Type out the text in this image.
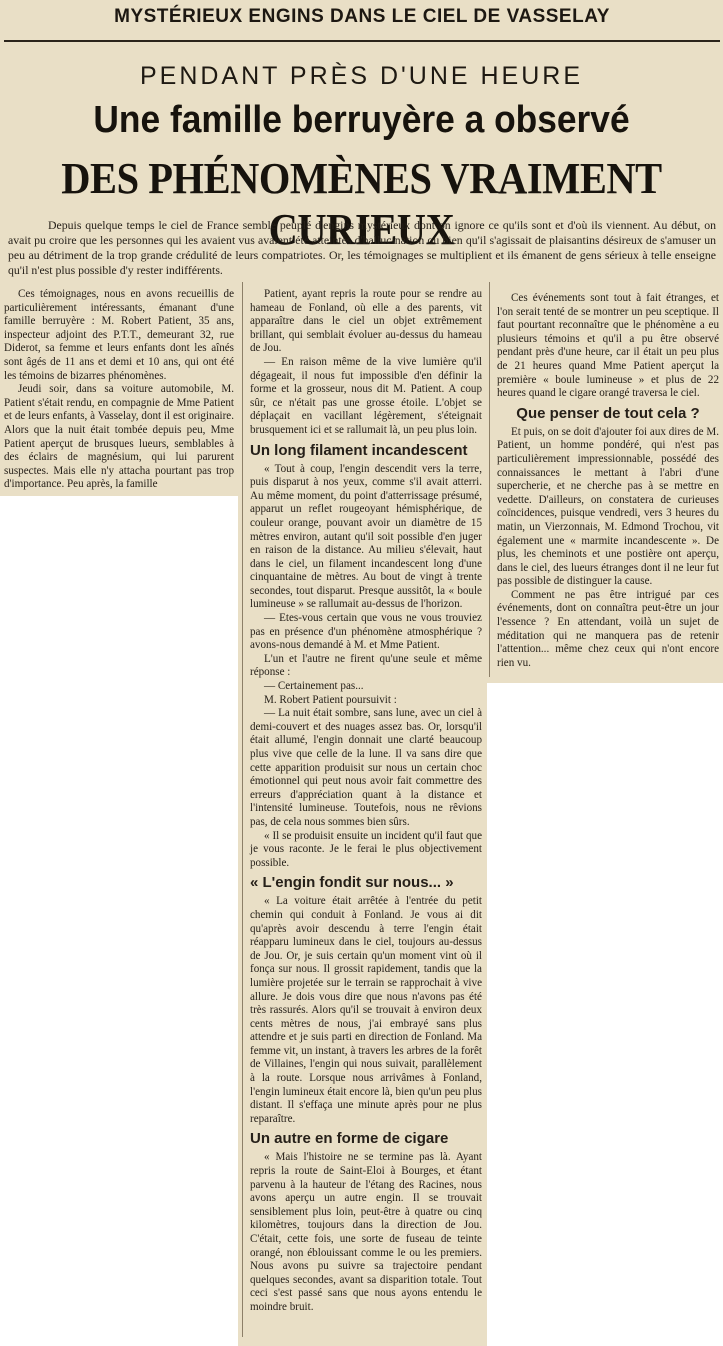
MYSTÉRIEUX ENGINS DANS LE CIEL DE VASSELAY
PENDANT PRÈS D'UNE HEURE
Une famille berruyère a observé
DES PHÉNOMÈNES VRAIMENT CURIEUX

Depuis quelque temps le ciel de France semble peuplé d'engins mystérieux dont on ignore ce qu'ils sont et d'où ils viennent. Au début, on avait pu croire que les personnes qui les avaient vus avaient été atteintes d'hallucination ou bien qu'il s'agissait de plaisantins désireux de s'amuser un peu au détriment de la trop grande crédulité de leurs compatriotes. Or, les témoignages se multiplient et ils émanent de gens sérieux à telle enseigne qu'il n'est plus possible d'y rester indifférents.

Ces témoignages, nous en avons recueillis de particulièrement intéressants, émanant d'une famille berruyère : M. Robert Patient, 35 ans, inspecteur adjoint des P.T.T., demeurant 32, rue Diderot, sa femme et leurs enfants dont les aînés sont âgés de 11 ans et demi et 10 ans, qui ont été les témoins de bizarres phénomènes.

Jeudi soir, dans sa voiture automobile, M. Patient s'était rendu, en compagnie de Mme Patient et de leurs enfants, à Vasselay, dont il est originaire. Alors que la nuit était tombée depuis peu, Mme Patient aperçut de brusques lueurs, semblables à des éclairs de magnésium, qui lui parurent suspectes. Mais elle n'y attacha pourtant pas trop d'importance. Peu après, la famille

Patient, ayant repris la route pour se rendre au hameau de Fonland, où elle a des parents, vit apparaître dans le ciel un objet extrêmement brillant, qui semblait évoluer au-dessus du hameau de Jou.

— En raison même de la vive lumière qu'il dégageait, il nous fut impossible d'en définir la forme et la grosseur, nous dit M. Patient. A coup sûr, ce n'était pas une grosse étoile. L'objet se déplaçait en vacillant légèrement, s'éteignait brusquement ici et se rallumait là, un peu plus loin.

Un long filament incandescent

« Tout à coup, l'engin descendit vers la terre, puis disparut à nos yeux, comme s'il avait atterri. Au même moment, du point d'atterrissage présumé, apparut un reflet rougeoyant hémisphérique, de couleur orange, pouvant avoir un diamètre de 15 mètres environ, autant qu'il soit possible d'en juger en raison de la distance. Au milieu s'élevait, haut dans le ciel, un filament incandescent long d'une cinquantaine de mètres. Au bout de vingt à trente secondes, tout disparut. Presque aussitôt, la « boule lumineuse » se rallumait au-dessus de l'horizon.

— Etes-vous certain que vous ne vous trouviez pas en présence d'un phénomène atmosphérique ? avons-nous demandé à M. et Mme Patient.

L'un et l'autre ne firent qu'une seule et même réponse :

— Certainement pas...

M. Robert Patient poursuivit :

— La nuit était sombre, sans lune, avec un ciel à demi-couvert et des nuages assez bas. Or, lorsqu'il était allumé, l'engin donnait une clarté beaucoup plus vive que celle de la lune. Il va sans dire que cette apparition produisit sur nous un certain choc émotionnel qui peut nous avoir fait commettre des erreurs d'appréciation quant à la distance et l'intensité lumineuse. Toutefois, nous ne rêvions pas, de cela nous sommes bien sûrs.

« Il se produisit ensuite un incident qu'il faut que je vous raconte. Je le ferai le plus objectivement possible.

« L'engin fondit sur nous... »

« La voiture était arrêtée à l'entrée du petit chemin qui conduit à Fonland. Je vous ai dit qu'après avoir descendu à terre l'engin était réapparu lumineux dans le ciel, toujours au-dessus de Jou. Or, je suis certain qu'un moment vint où il fonça sur nous. Il grossit rapidement, tandis que la lumière projetée sur le terrain se rapprochait à vive allure. Je dois vous dire que nous n'avons pas été très rassurés. Alors qu'il se trouvait à environ deux cents mètres de nous, j'ai embrayé sans plus attendre et je suis parti en direction de Fonland. Ma femme vit, un instant, à travers les arbres de la forêt de Villaines, l'engin qui nous suivait, parallèlement à la route. Lorsque nous arrivâmes à Fonland, l'engin lumineux était encore là, bien qu'un peu plus distant. Il s'effaça une minute après pour ne plus reparaître.

Un autre en forme de cigare

« Mais l'histoire ne se termine pas là. Ayant repris la route de Saint-Eloi à Bourges, et étant parvenu à la hauteur de l'étang des Racines, nous avons aperçu un autre engin. Il se trouvait sensiblement plus loin, peut-être à quatre ou cinq kilomètres, toujours dans la direction de Jou. C'était, cette fois, une sorte de fuseau de teinte orangé, non éblouissant comme le ou les premiers. Nous avons pu suivre sa trajectoire pendant quelques secondes, avant sa disparition totale. Tout ceci s'est passé sans que nous ayons entendu le moindre bruit.

Ces événements sont tout à fait étranges, et l'on serait tenté de se montrer un peu sceptique. Il faut pourtant reconnaître que le phénomène a eu plusieurs témoins et qu'il a pu être observé pendant près d'une heure, car il était un peu plus de 21 heures quand Mme Patient aperçut la première « boule lumineuse » et plus de 22 heures quand le cigare orangé traversa le ciel.

Que penser de tout cela ?

Et puis, on se doit d'ajouter foi aux dires de M. Patient, un homme pondéré, qui n'est pas particulièrement impressionnable, possédé des connaissances le mettant à l'abri d'une supercherie, et ne cherche pas à se mettre en vedette. D'ailleurs, on constatera de curieuses coïncidences, puisque vendredi, vers 3 heures du matin, un Vierzonnais, M. Edmond Trochou, vit également une « marmite incandescente ». De plus, les cheminots et une postière ont aperçu, dans le ciel, des lueurs étranges dont il ne leur fut pas possible de distinguer la cause.

Comment ne pas être intrigué par ces événements, dont on connaîtra peut-être un jour l'essence ? En attendant, voilà un sujet de méditation qui ne manquera pas de retenir l'attention... même chez ceux qui n'ont encore rien vu.
